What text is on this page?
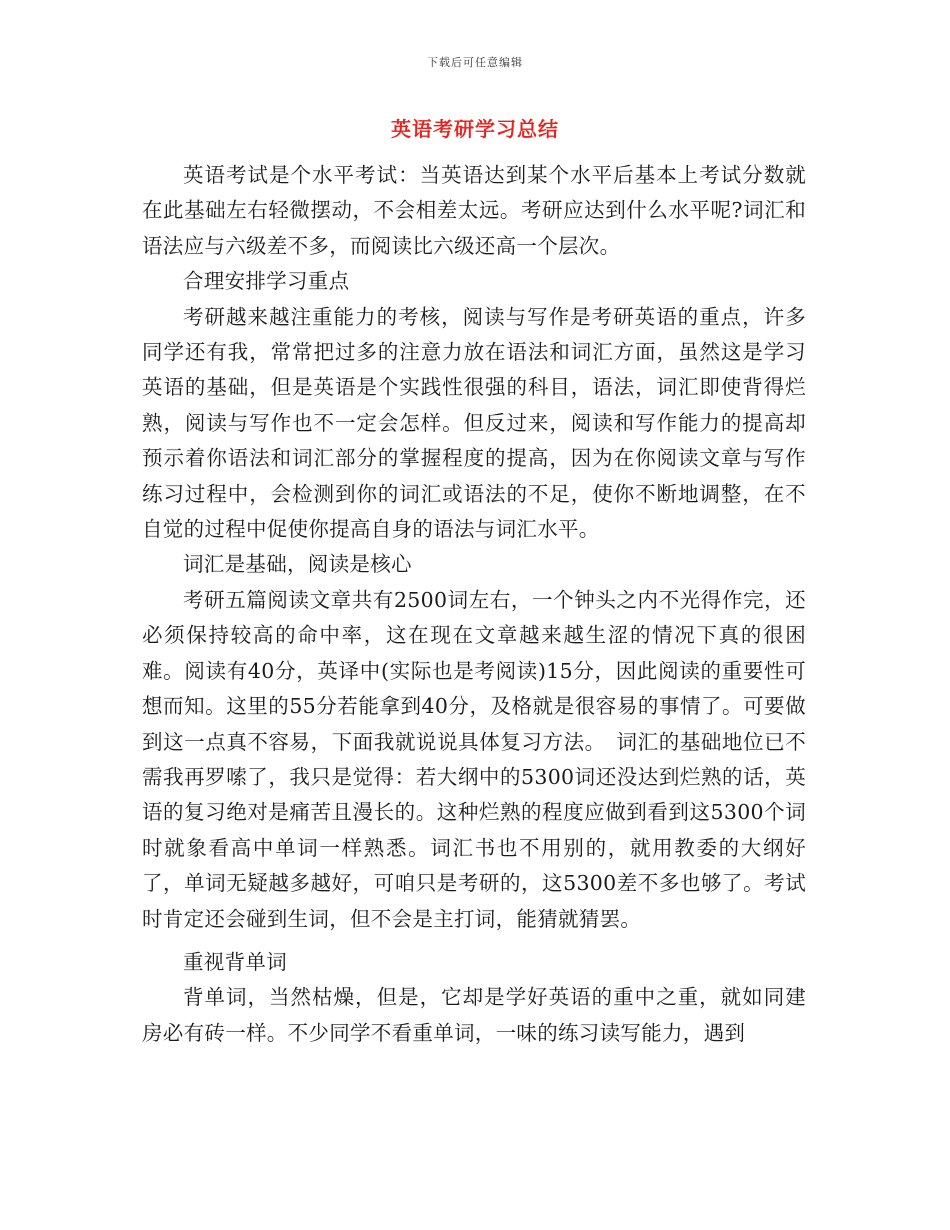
下载后可任意编辑
英语考研学习总结

英语考试是个水平考试：当英语达到某个水平后基本上考试分数就在此基础左右轻微摆动，不会相差太远。考研应达到什么水平呢?词汇和语法应与六级差不多，而阅读比六级还高一个层次。

合理安排学习重点

考研越来越注重能力的考核，阅读与写作是考研英语的重点，许多同学还有我，常常把过多的注意力放在语法和词汇方面，虽然这是学习英语的基础，但是英语是个实践性很强的科目，语法，词汇即使背得烂熟，阅读与写作也不一定会怎样。但反过来，阅读和写作能力的提高却预示着你语法和词汇部分的掌握程度的提高，因为在你阅读文章与写作练习过程中，会检测到你的词汇或语法的不足，使你不断地调整，在不自觉的过程中促使你提高自身的语法与词汇水平。

词汇是基础，阅读是核心

考研五篇阅读文章共有2500词左右，一个钟头之内不光得作完，还必须保持较高的命中率，这在现在文章越来越生涩的情况下真的很困难。阅读有40分，英译中(实际也是考阅读)15分，因此阅读的重要性可想而知。这里的55分若能拿到40分，及格就是很容易的事情了。可要做到这一点真不容易，下面我就说说具体复习方法。　词汇的基础地位已不需我再罗嗦了，我只是觉得：若大纲中的5300词还没达到烂熟的话，英语的复习绝对是痛苦且漫长的。这种烂熟的程度应做到看到这5300个词时就象看高中单词一样熟悉。词汇书也不用别的，就用教委的大纲好了，单词无疑越多越好，可咱只是考研的，这5300差不多也够了。考试时肯定还会碰到生词，但不会是主打词，能猜就猜罢。

重视背单词

背单词，当然枯燥，但是，它却是学好英语的重中之重，就如同建房必有砖一样。不少同学不看重单词，一味的练习读写能力，遇到
